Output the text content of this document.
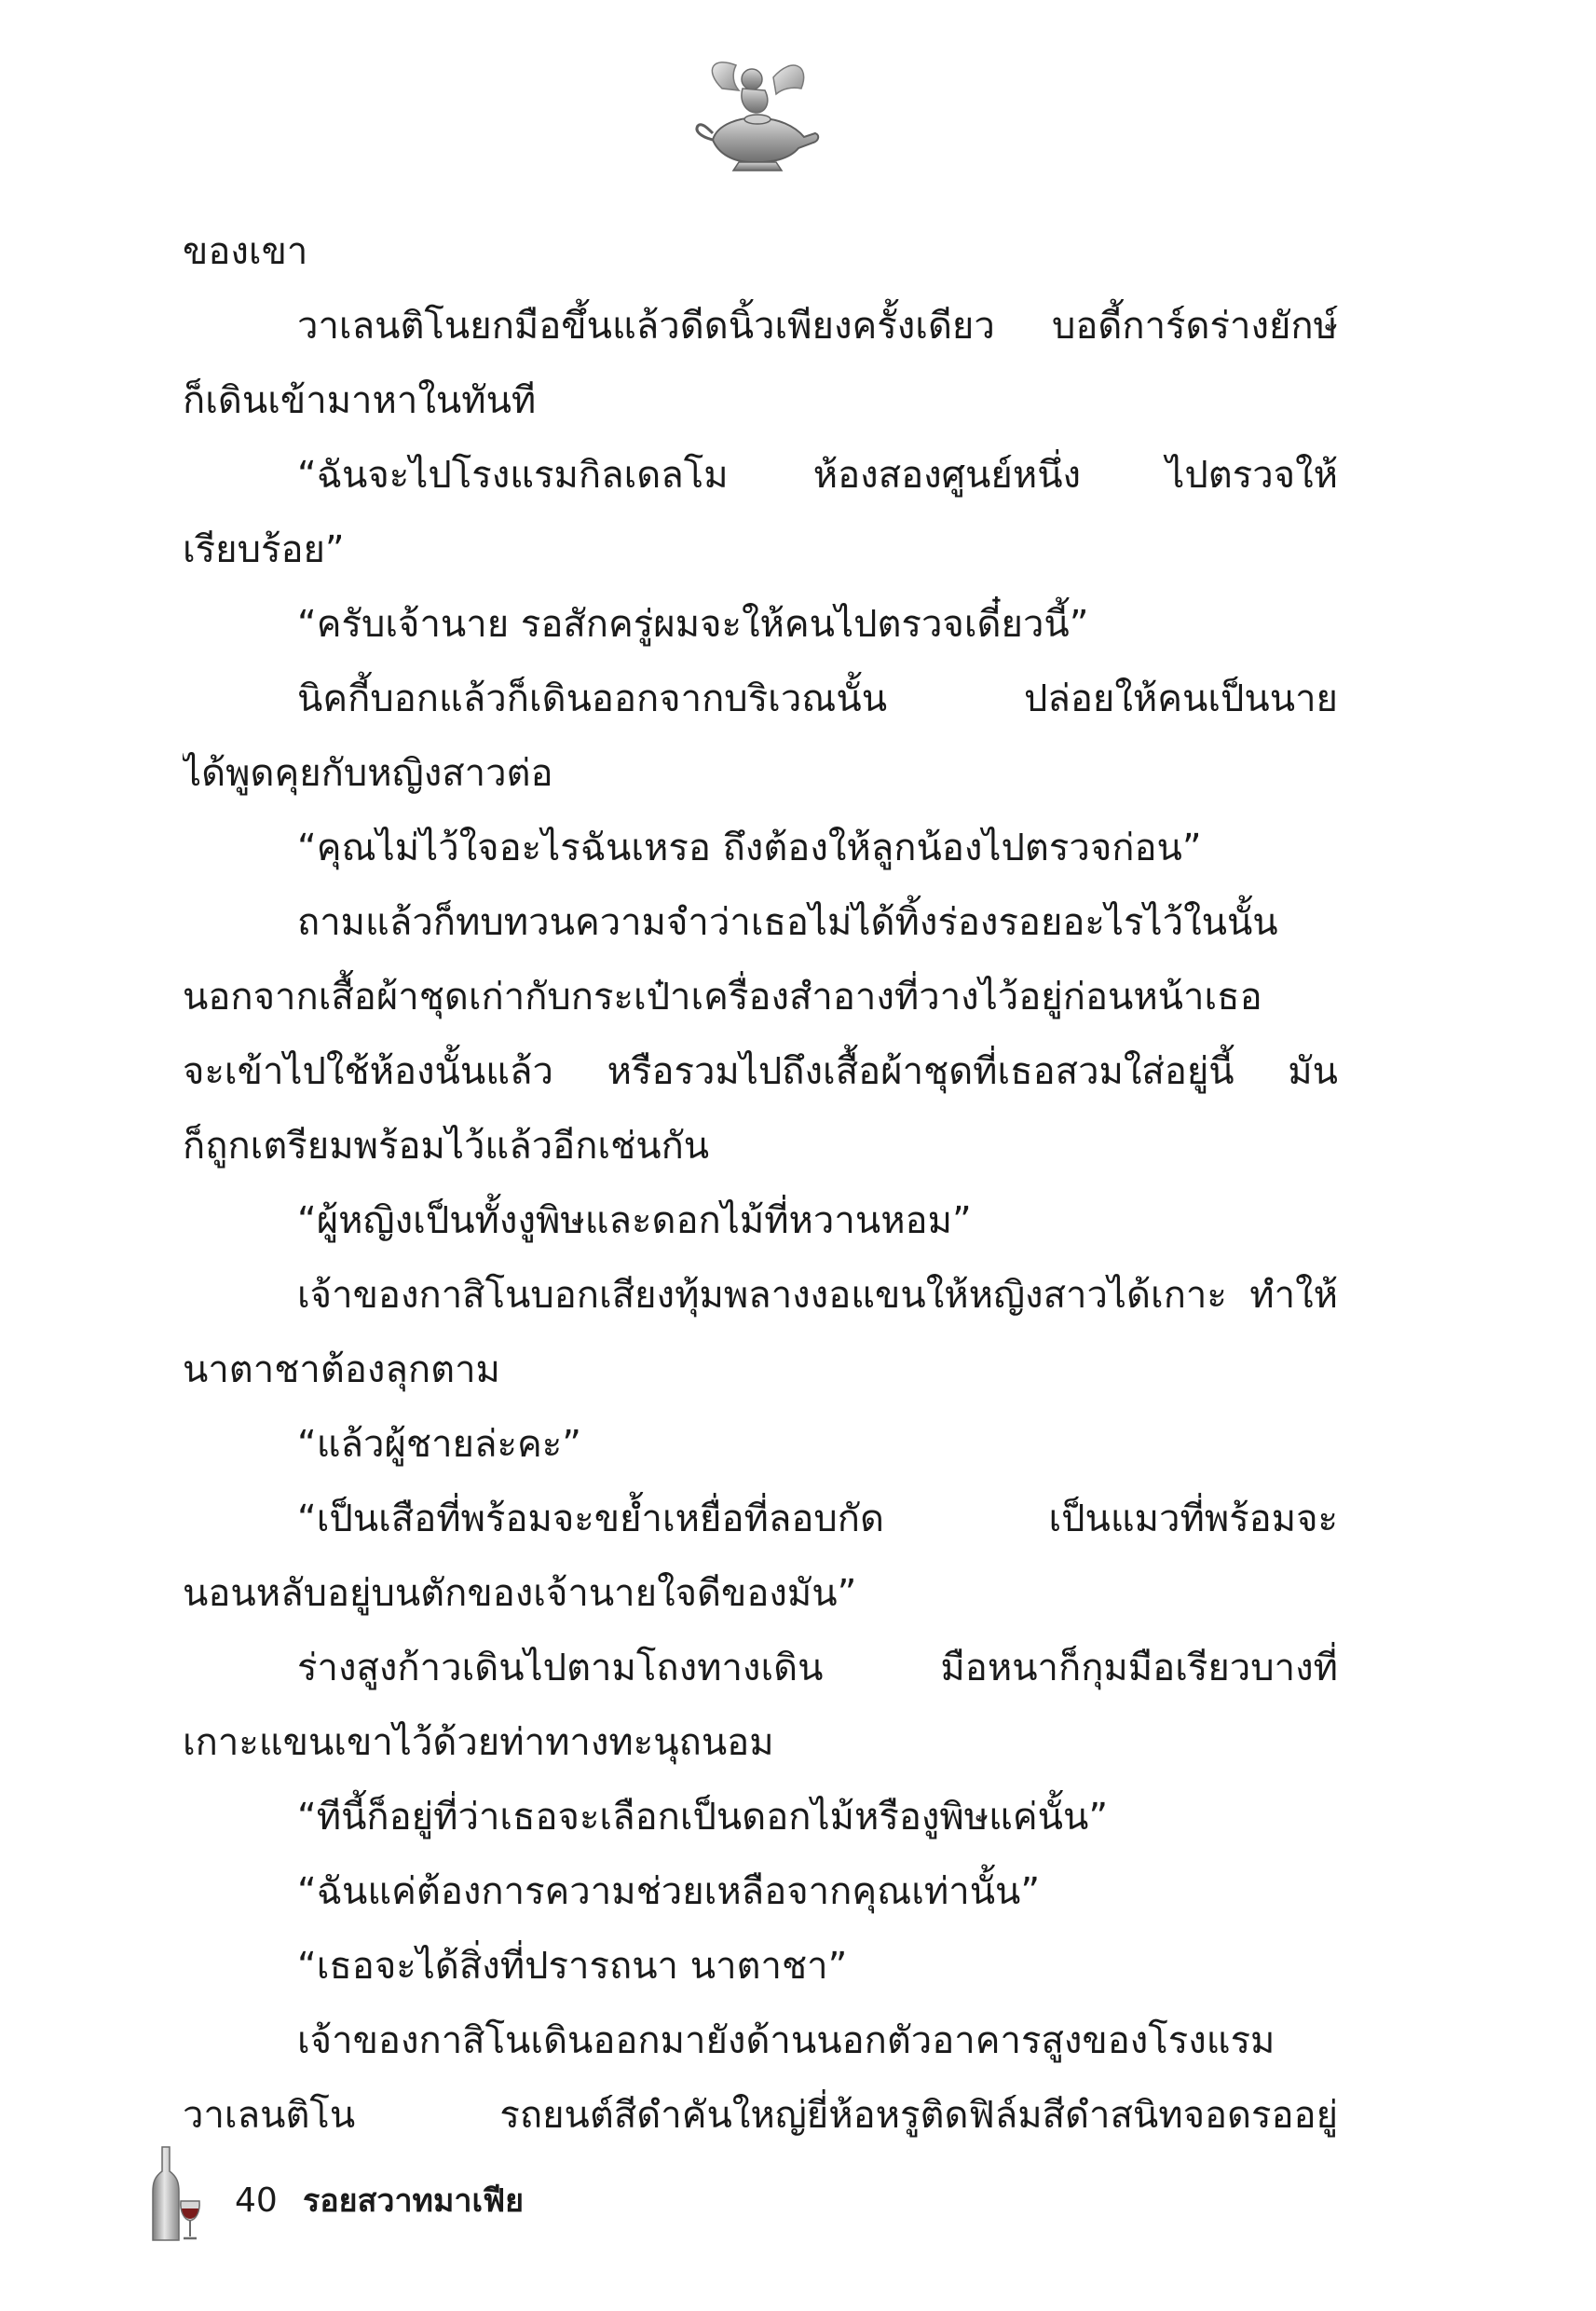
ของเขา
วาเลนติโนยกมือขึ้นแล้วดีดนิ้วเพียงครั้งเดียว บอดี้การ์ดร่างยักษ์
ก็เดินเข้ามาหาในทันที
“ฉันจะไปโรงแรมกิลเดลโม ห้องสองศูนย์หนึ่ง ไปตรวจให้
เรียบร้อย”
“ครับเจ้านาย รอสักครู่ผมจะให้คนไปตรวจเดี๋ยวนี้”
นิคกี้บอกแล้วก็เดินออกจากบริเวณนั้น ปล่อยให้คนเป็นนาย
ได้พูดคุยกับหญิงสาวต่อ
“คุณไม่ไว้ใจอะไรฉันเหรอ ถึงต้องให้ลูกน้องไปตรวจก่อน”
ถามแล้วก็ทบทวนความจำว่าเธอไม่ได้ทิ้งร่องรอยอะไรไว้ในนั้น
นอกจากเสื้อผ้าชุดเก่ากับกระเป๋าเครื่องสำอางที่วางไว้อยู่ก่อนหน้าเธอ
จะเข้าไปใช้ห้องนั้นแล้ว หรือรวมไปถึงเสื้อผ้าชุดที่เธอสวมใส่อยู่นี้ มัน
ก็ถูกเตรียมพร้อมไว้แล้วอีกเช่นกัน
“ผู้หญิงเป็นทั้งงูพิษและดอกไม้ที่หวานหอม”
เจ้าของกาสิโนบอกเสียงทุ้มพลางงอแขนให้หญิงสาวได้เกาะ ทำให้
นาตาชาต้องลุกตาม
“แล้วผู้ชายล่ะคะ”
“เป็นเสือที่พร้อมจะขย้ำเหยื่อที่ลอบกัด เป็นแมวที่พร้อมจะ
นอนหลับอยู่บนตักของเจ้านายใจดีของมัน”
ร่างสูงก้าวเดินไปตามโถงทางเดิน มือหนาก็กุมมือเรียวบางที่
เกาะแขนเขาไว้ด้วยท่าทางทะนุถนอม
“ทีนี้ก็อยู่ที่ว่าเธอจะเลือกเป็นดอกไม้หรืองูพิษแค่นั้น”
“ฉันแค่ต้องการความช่วยเหลือจากคุณเท่านั้น”
“เธอจะได้สิ่งที่ปรารถนา นาตาชา”
เจ้าของกาสิโนเดินออกมายังด้านนอกตัวอาคารสูงของโรงแรม
วาเลนติโน รถยนต์สีดำคันใหญ่ยี่ห้อหรูติดฟิล์มสีดำสนิทจอดรออยู่
40 รอยสวาทมาเฟีย
